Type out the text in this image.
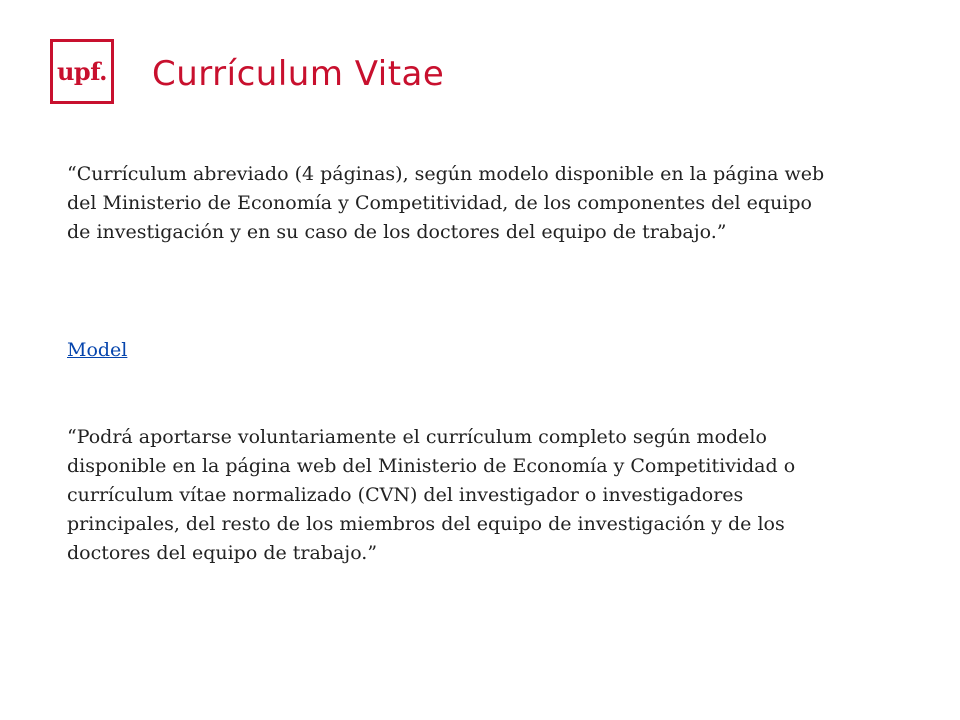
upf. Currículum Vitae

“Currículum abreviado (4 páginas), según modelo disponible en la página web del Ministerio de Economía y Competitividad, de los componentes del equipo de investigación y en su caso de los doctores del equipo de trabajo.”

Model

“Podrá aportarse voluntariamente el currículum completo según modelo disponible en la página web del Ministerio de Economía y Competitividad o currículum vítae normalizado (CVN) del investigador o investigadores principales, del resto de los miembros del equipo de investigación y de los doctores del equipo de trabajo.”
